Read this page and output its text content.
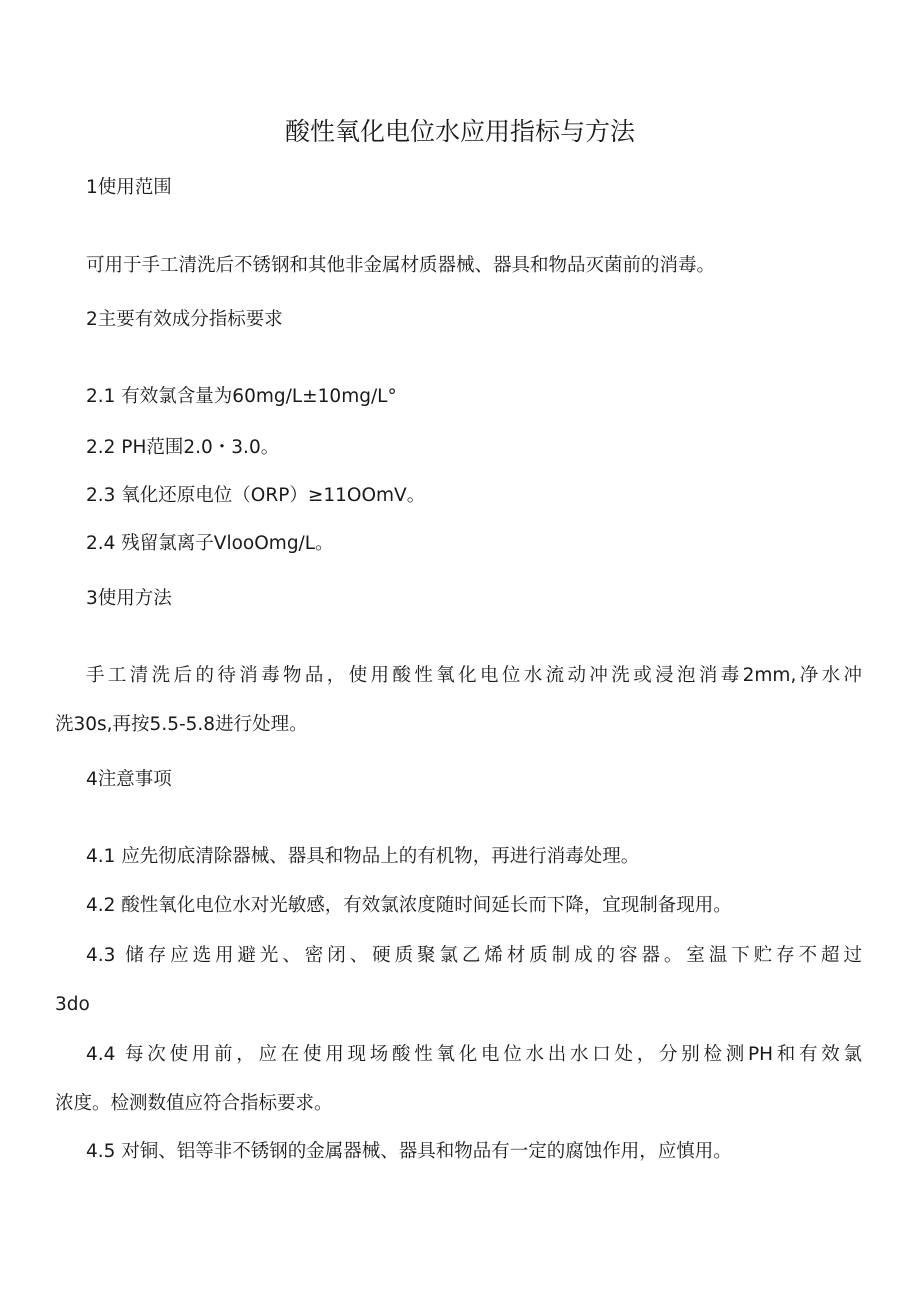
酸性氧化电位水应用指标与方法
1使用范围
可用于手工清洗后不锈钢和其他非金属材质器械、器具和物品灭菌前的消毒。
2主要有效成分指标要求
2.1 有效氯含量为60mg∕L±10mg∕L°
2.2 PH范围2.0・3.0。
2.3 氧化还原电位（ORP）≥11OOmV。
2.4 残留氯离子VlooOmg/L。
3使用方法
手工清洗后的待消毒物品，使用酸性氧化电位水流动冲洗或浸泡消毒2mm,净水冲
洗30s,再按5.5-5.8进行处理。
4注意事项
4.1 应先彻底清除器械、器具和物品上的有机物，再进行消毒处理。
4.2 酸性氧化电位水对光敏感，有效氯浓度随时间延长而下降，宜现制备现用。
4.3 储存应选用避光、密闭、硬质聚氯乙烯材质制成的容器。室温下贮存不超过
3do
4.4 每次使用前，应在使用现场酸性氧化电位水出水口处，分别检测PH和有效氯
浓度。检测数值应符合指标要求。
4.5 对铜、铝等非不锈钢的金属器械、器具和物品有一定的腐蚀作用，应慎用。
